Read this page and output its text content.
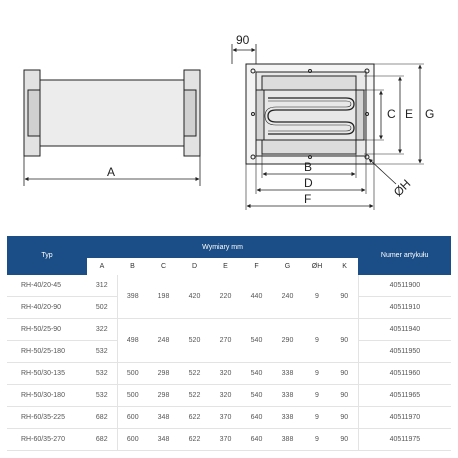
A
90
B
D
F
C E G
ØH
Typ	Wymiary mm									Numer artykułu
	A	B	C	D	E	F	G	ØH	K	
RH-40/20-45	312	398	198	420	220	440	240	9	90	40511900
RH-40/20-90	502									40511910
RH-50/25-90	322	498	248	520	270	540	290	9	90	40511940
RH-50/25-180	532									40511950
RH-50/30-135	532	500	298	522	320	540	338	9	90	40511960
RH-50/30-180	532	500	298	522	320	540	338	9	90	40511965
RH-60/35-225	682	600	348	622	370	640	338	9	90	40511970
RH-60/35-270	682	600	348	622	370	640	388	9	90	40511975
